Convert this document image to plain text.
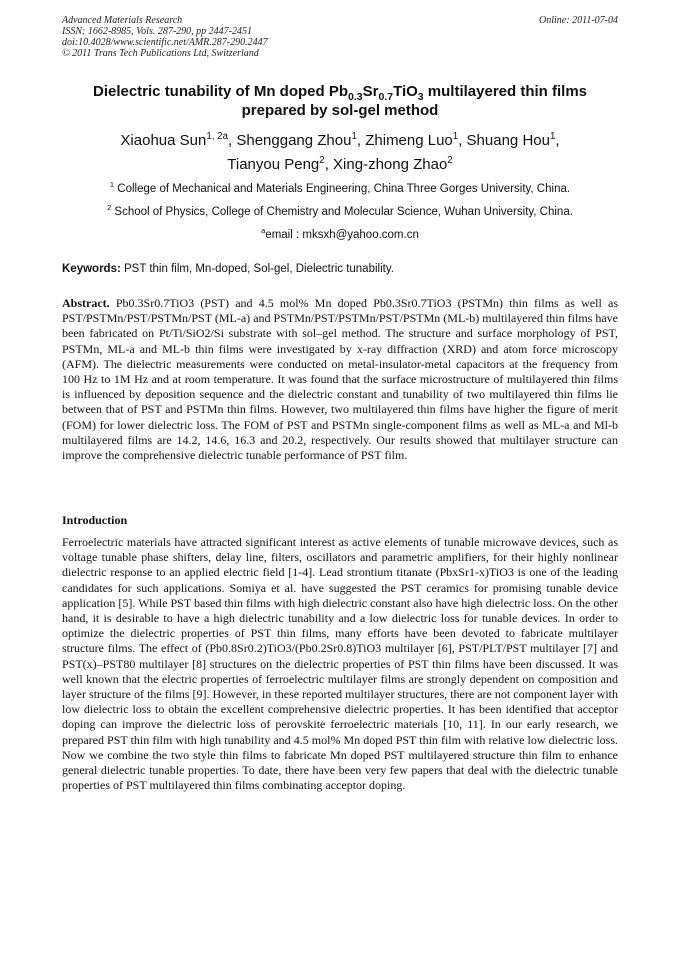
Advanced Materials Research
ISSN: 1662-8985, Vols. 287-290, pp 2447-2451
doi:10.4028/www.scientific.net/AMR.287-290.2447
© 2011 Trans Tech Publications Ltd, Switzerland
Online: 2011-07-04
Dielectric tunability of Mn doped $Pb_{0.3}Sr_{0.7}TiO_3$ multilayered thin films prepared by sol-gel method
Xiaohua Sun$^{1, 2a}$, Shenggang Zhou$^1$, Zhimeng Luo$^1$, Shuang Hou$^1$,
Tianyou Peng$^2$, Xing-zhong Zhao$^2$
$^1$ College of Mechanical and Materials Engineering, China Three Gorges University, China.
$^2$ School of Physics, College of Chemistry and Molecular Science, Wuhan University, China.
$^a$email : mksxh@yahoo.com.cn
Keywords: PST thin film, Mn-doped, Sol-gel, Dielectric tunability.
Abstract. Pb0.3Sr0.7TiO3 (PST) and 4.5 mol% Mn doped Pb0.3Sr0.7TiO3 (PSTMn) thin films as well as PST/PSTMn/PST/PSTMn/PST (ML-a) and PSTMn/PST/PSTMn/PST/PSTMn (ML-b) multilayered thin films have been fabricated on Pt/Ti/SiO2/Si substrate with sol–gel method. The structure and surface morphology of PST, PSTMn, ML-a and ML-b thin films were investigated by x-ray diffraction (XRD) and atom force microscopy (AFM). The dielectric measurements were conducted on metal-insulator-metal capacitors at the frequency from 100 Hz to 1M Hz and at room temperature. It was found that the surface microstructure of multilayered thin films is influenced by deposition sequence and the dielectric constant and tunability of two multilayered thin films lie between that of PST and PSTMn thin films. However, two multilayered thin films have higher the figure of merit (FOM) for lower dielectric loss. The FOM of PST and PSTMn single-component films as well as ML-a and Ml-b multilayered films are 14.2, 14.6, 16.3 and 20.2, respectively. Our results showed that multilayer structure can improve the comprehensive dielectric tunable performance of PST film.
Introduction
Ferroelectric materials have attracted significant interest as active elements of tunable microwave devices, such as voltage tunable phase shifters, delay line, filters, oscillators and parametric amplifiers, for their highly nonlinear dielectric response to an applied electric field [1-4]. Lead strontium titanate (PbxSr1-x)TiO3 is one of the leading candidates for such applications. Somiya et al. have suggested the PST ceramics for promising tunable device application [5]. While PST based thin films with high dielectric constant also have high dielectric loss. On the other hand, it is desirable to have a high dielectric tunability and a low dielectric loss for tunable devices. In order to optimize the dielectric properties of PST thin films, many efforts have been devoted to fabricate multilayer structure films. The effect of (Pb0.8Sr0.2)TiO3/(Pb0.2Sr0.8)TiO3 multilayer [6], PST/PLT/PST multilayer [7] and PST(x)–PST80 multilayer [8] structures on the dielectric properties of PST thin films have been discussed. It was well known that the electric properties of ferroelectric multilayer films are strongly dependent on composition and layer structure of the films [9]. However, in these reported multilayer structures, there are not component layer with low dielectric loss to obtain the excellent comprehensive dielectric properties. It has been identified that acceptor doping can improve the dielectric loss of perovskite ferroelectric materials [10, 11]. In our early research, we prepared PST thin film with high tunability and 4.5 mol% Mn doped PST thin film with relative low dielectric loss. Now we combine the two style thin films to fabricate Mn doped PST multilayered structure thin film to enhance general dielectric tunable properties. To date, there have been very few papers that deal with the dielectric tunable properties of PST multilayered thin films combinating acceptor doping.
